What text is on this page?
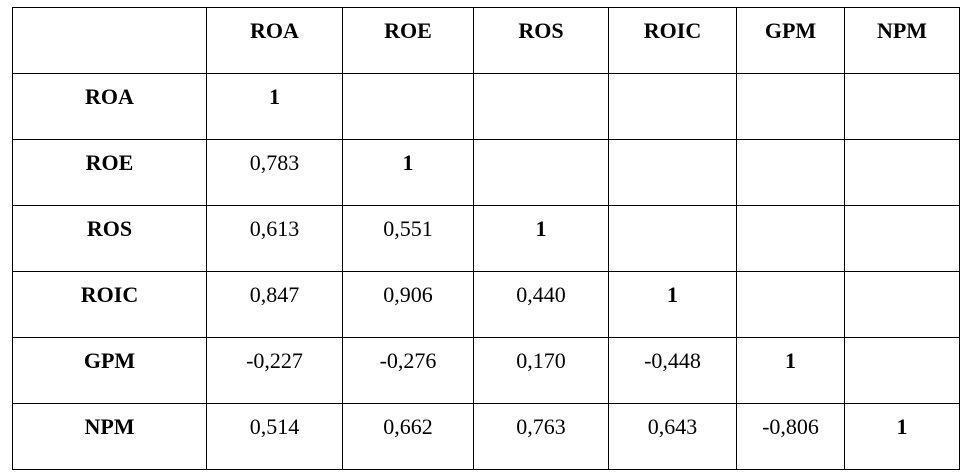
	ROA	ROE	ROS	ROIC	GPM	NPM

ROA	1					

ROE	0,783	1				

ROS	0,613	0,551	1			

ROIC	0,847	0,906	0,440	1		

GPM	-0,227	-0,276	0,170	-0,448	1	

NPM	0,514	0,662	0,763	0,643	-0,806	1
